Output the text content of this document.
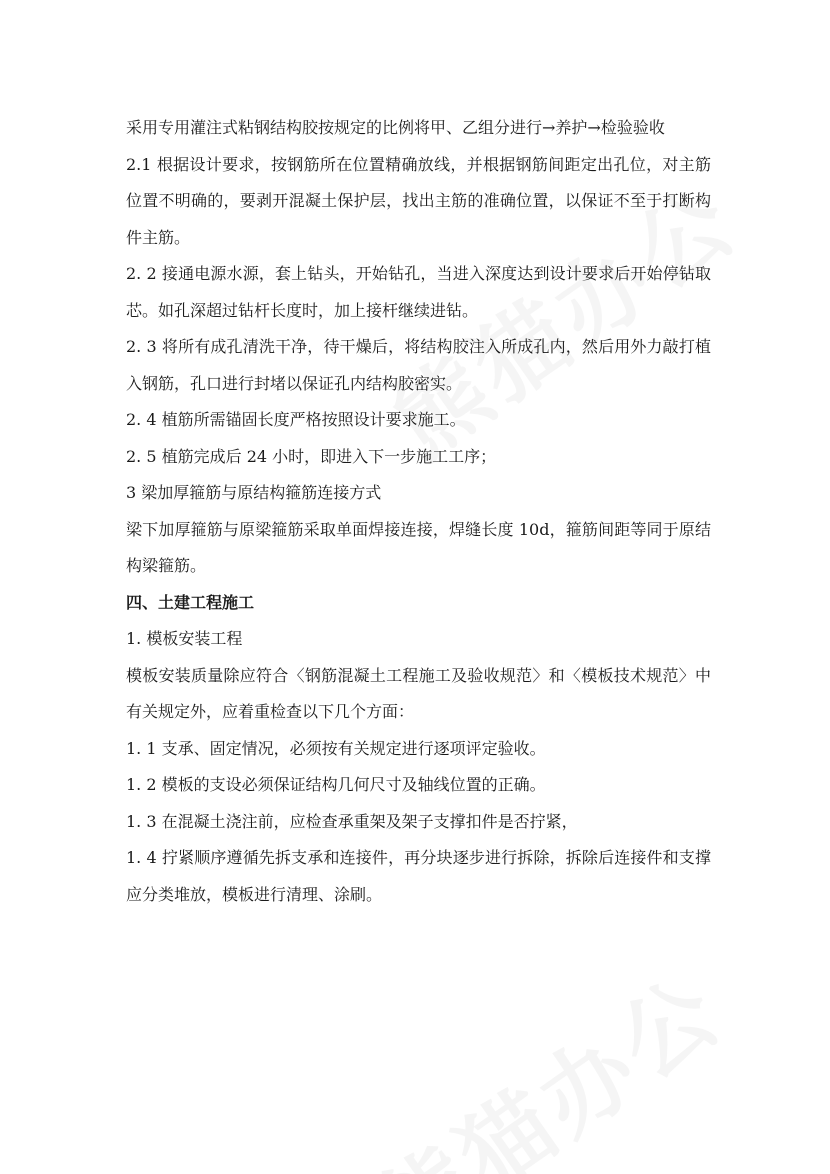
采用专用灌注式粘钢结构胶按规定的比例将甲、乙组分进行→养护→检验验收

2.1 根据设计要求，按钢筋所在位置精确放线，并根据钢筋间距定出孔位，对主筋位置不明确的，要剥开混凝土保护层，找出主筋的准确位置，以保证不至于打断构件主筋。

2. 2 接通电源水源，套上钻头，开始钻孔，当进入深度达到设计要求后开始停钻取芯。如孔深超过钻杆长度时，加上接杆继续进钻。

2. 3 将所有成孔清洗干净，待干燥后，将结构胶注入所成孔内，然后用外力敲打植入钢筋，孔口进行封堵以保证孔内结构胶密实。

2. 4 植筋所需锚固长度严格按照设计要求施工。

2. 5 植筋完成后 24 小时，即进入下一步施工工序；

3 梁加厚箍筋与原结构箍筋连接方式

梁下加厚箍筋与原梁箍筋采取单面焊接连接，焊缝长度 10d，箍筋间距等同于原结构梁箍筋。

四、土建工程施工

1. 模板安装工程

模板安装质量除应符合〈钢筋混凝土工程施工及验收规范〉和〈模板技术规范〉中有关规定外，应着重检查以下几个方面：

1. 1 支承、固定情况，必须按有关规定进行逐项评定验收。

1. 2 模板的支设必须保证结构几何尺寸及轴线位置的正确。

1. 3 在混凝土浇注前，应检查承重架及架子支撑扣件是否拧紧，

1. 4 拧紧顺序遵循先拆支承和连接件，再分块逐步进行拆除，拆除后连接件和支撑应分类堆放，模板进行清理、涂刷。
